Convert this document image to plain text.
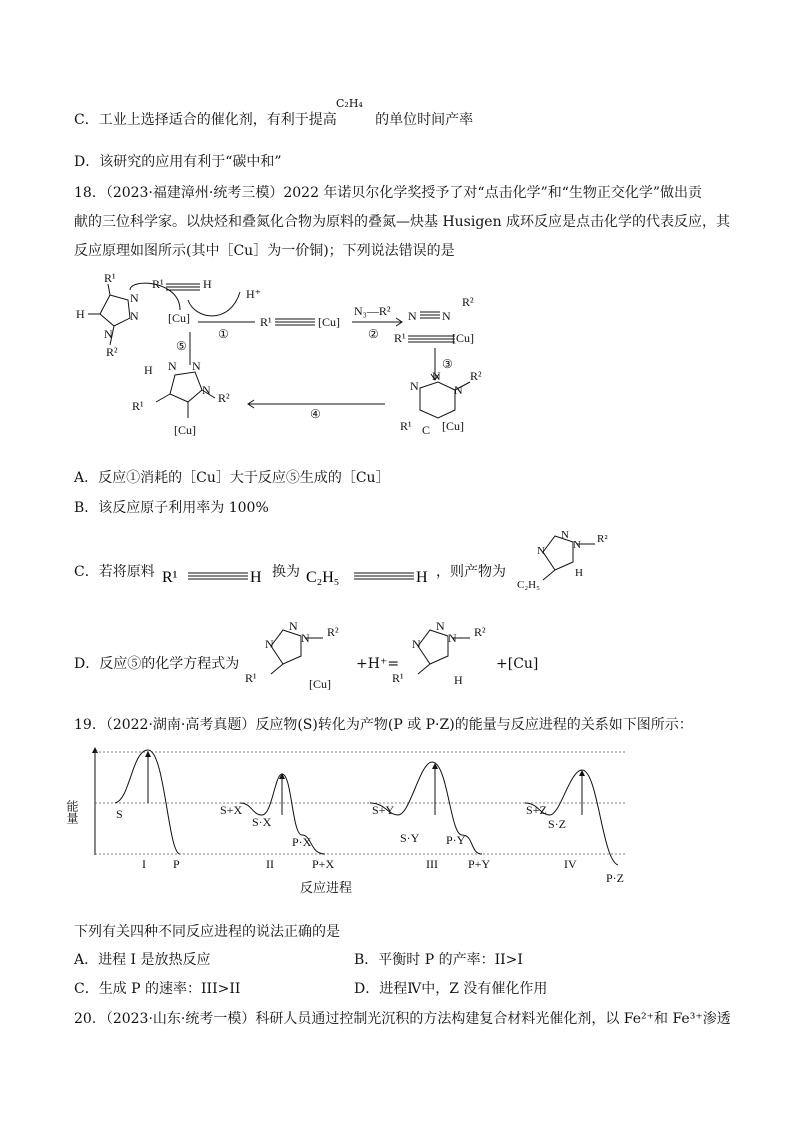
C．工业上选择适合的催化剂，有利于提高
C₂H₄
的单位时间产率
D．该研究的应用有利于“碳中和”
18．（2023·福建漳州·统考三模）2022 年诺贝尔化学奖授予了对“点击化学”和“生物正交化学”做出贡
献的三位科学家。以炔烃和叠氮化合物为原料的叠氮—炔基 Husigen 成环反应是点击化学的代表反应，其
反应原理如图所示(其中［Cu］为一价铜)；下列说法错误的是
R¹
H
N
N
N
R²
R¹	H
H⁺
[Cu]
①
R¹	[Cu]
N₃—R²
②
N N
R²
R¹	[Cu]
③
N
N
N
R²
R¹ C [Cu]
④
⑤
H N N
N
R²
R¹
[Cu]
A．反应①消耗的［Cu］大于反应⑤生成的［Cu］
B．该反应原子利用率为 100%
C．若将原料 R¹	H 换为 C₂H₅	H ，则产物为
N
N	N R²
C₂H₅
H
D．反应⑤的化学方程式为
N
N N R²
R¹	[Cu]
+H⁺=
N
N N R²
R¹	H
+[Cu]
19．（2022·湖南·高考真题）反应物(S)转化为产物(P 或 P·Z)的能量与反应进程的关系如下图所示：
能量	S
I P
S+X
S·X
P·X
II	P+X
S+Y
S·Y P·Y
III	P+Y
S+Z
S·Z
IV
P·Z
反应进程
下列有关四种不同反应进程的说法正确的是
A．进程 I 是放热反应	B．平衡时 P 的产率：II>I
C．生成 P 的速率：III>II	D．进程Ⅳ中，Z 没有催化作用
20．（2023·山东·统考一模）科研人员通过控制光沉积的方法构建复合材料光催化剂，以 Fe²⁺和 Fe³⁺渗透
